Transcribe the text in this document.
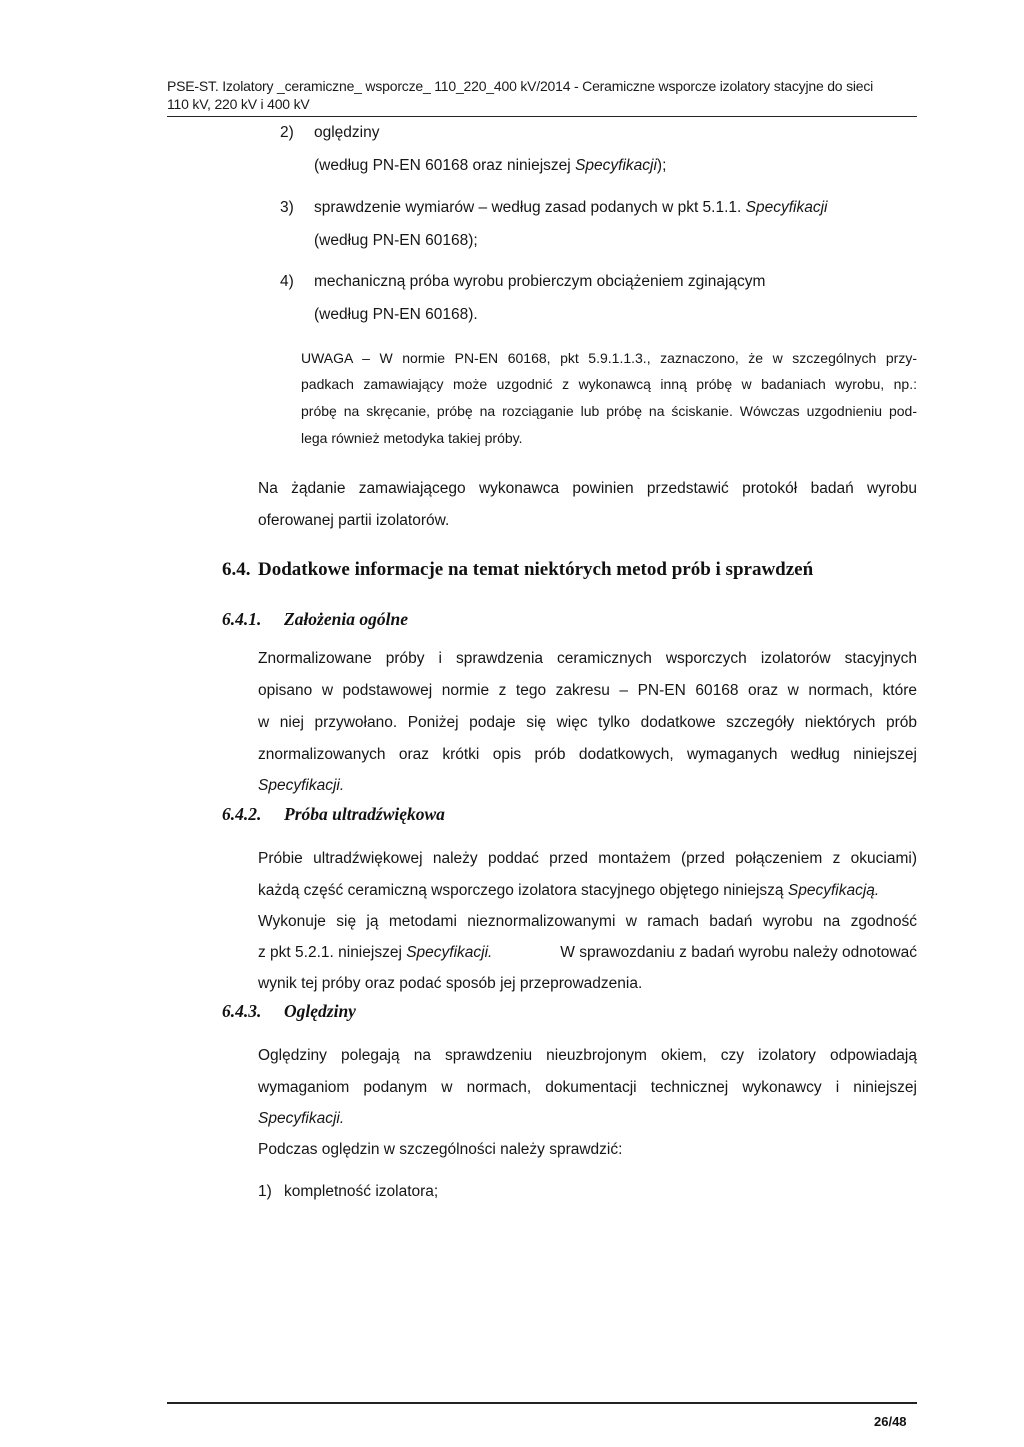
PSE-ST. Izolatory _ceramiczne_ wsporcze_ 110_220_400 kV/2014 - Ceramiczne wsporcze izolatory stacyjne do sieci
110 kV, 220 kV i 400 kV
2) oględziny
(według PN-EN 60168 oraz niniejszej Specyfikacji);
3) sprawdzenie wymiarów – według zasad podanych w pkt 5.1.1. Specyfikacji
(według PN-EN 60168);
4) mechaniczną próba wyrobu probierczym obciążeniem zginającym
(według PN-EN 60168).
UWAGA – W normie PN-EN 60168, pkt 5.9.1.1.3., zaznaczono, że w szczególnych przy-
padkach zamawiający może uzgodnić z wykonawcą inną próbę w badaniach wyrobu, np.:
próbę na skręcanie, próbę na rozciąganie lub próbę na ściskanie. Wówczas uzgodnieniu pod-
lega również metodyka takiej próby.
Na żądanie zamawiającego wykonawca powinien przedstawić protokół badań wyrobu
oferowanej partii izolatorów.
6.4. Dodatkowe informacje na temat niektórych metod prób i sprawdzeń
6.4.1. Założenia ogólne
Znormalizowane próby i sprawdzenia ceramicznych wsporczych izolatorów stacyjnych
opisano w podstawowej normie z tego zakresu – PN-EN 60168 oraz w normach, które
w niej przywołano. Poniżej podaje się więc tylko dodatkowe szczegóły niektórych prób
znormalizowanych oraz krótki opis prób dodatkowych, wymaganych według niniejszej
Specyfikacji.
6.4.2. Próba ultradźwiękowa
Próbie ultradźwiękowej należy poddać przed montażem (przed połączeniem z okuciami)
każdą część ceramiczną wsporczego izolatora stacyjnego objętego niniejszą Specyfikacją.
Wykonuje się ją metodami nieznormalizowanymi w ramach badań wyrobu na zgodność
z pkt 5.2.1. niniejszej Specyfikacji.	W sprawozdaniu z badań wyrobu należy odnotować
wynik tej próby oraz podać sposób jej przeprowadzenia.
6.4.3. Oględziny
Oględziny polegają na sprawdzeniu nieuzbrojonym okiem, czy izolatory odpowiadają
wymaganiom podanym w normach, dokumentacji technicznej wykonawcy i niniejszej
Specyfikacji.
Podczas oględzin w szczególności należy sprawdzić:
1) kompletność izolatora;
26/48
